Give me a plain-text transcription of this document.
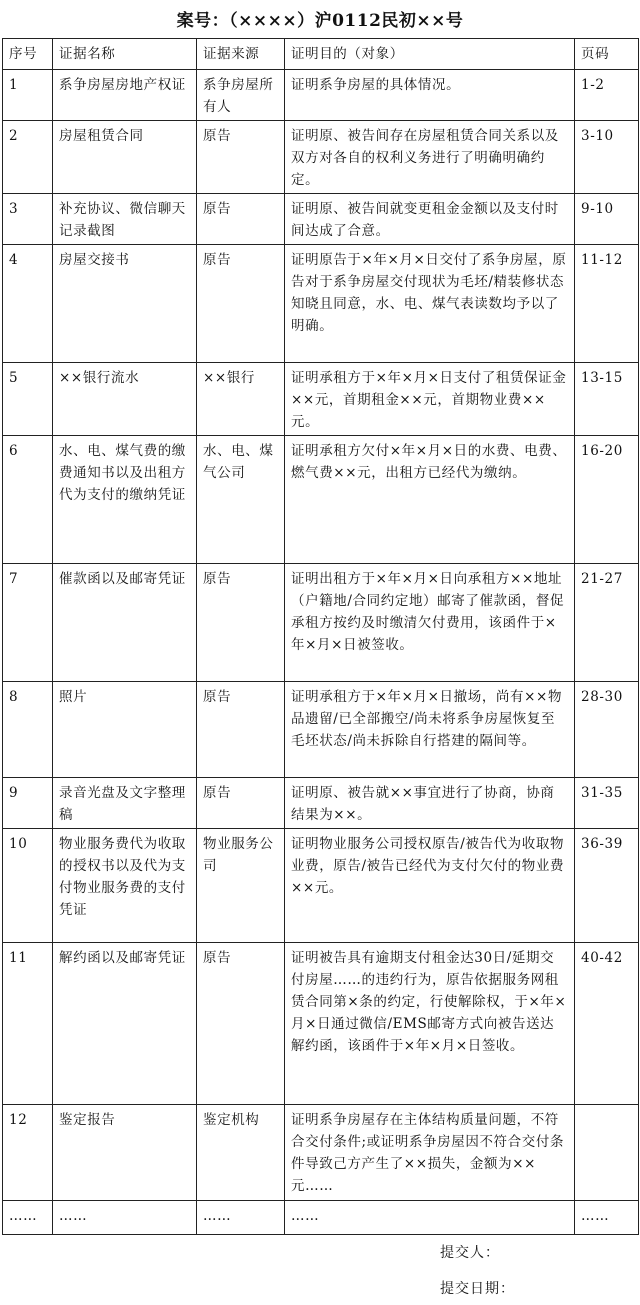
案号：（××××）沪0112民初××号
序号	证据名称	证据来源	证明目的（对象）	页码
1	系争房屋房地产权证	系争房屋所有人	证明系争房屋的具体情况。	1-2
2	房屋租赁合同	原告	证明原、被告间存在房屋租赁合同关系以及双方对各自的权利义务进行了明确明确约定。	3-10
3	补充协议、微信聊天记录截图	原告	证明原、被告间就变更租金金额以及支付时间达成了合意。	9-10
4	房屋交接书	原告	证明原告于×年×月×日交付了系争房屋，原告对于系争房屋交付现状为毛坯/精装修状态知晓且同意，水、电、煤气表读数均予以了明确。	11-12
5	××银行流水	××银行	证明承租方于×年×月×日支付了租赁保证金××元，首期租金××元，首期物业费××元。	13-15
6	水、电、煤气费的缴费通知书以及出租方代为支付的缴纳凭证	水、电、煤气公司	证明承租方欠付×年×月×日的水费、电费、燃气费××元，出租方已经代为缴纳。	16-20
7	催款函以及邮寄凭证	原告	证明出租方于×年×月×日向承租方××地址（户籍地/合同约定地）邮寄了催款函，督促承租方按约及时缴清欠付费用，该函件于×年×月×日被签收。	21-27
8	照片	原告	证明承租方于×年×月×日撤场，尚有××物品遗留/已全部搬空/尚未将系争房屋恢复至毛坯状态/尚未拆除自行搭建的隔间等。	28-30
9	录音光盘及文字整理稿	原告	证明原、被告就××事宜进行了协商，协商结果为××。	31-35
10	物业服务费代为收取的授权书以及代为支付物业服务费的支付凭证	物业服务公司	证明物业服务公司授权原告/被告代为收取物业费，原告/被告已经代为支付欠付的物业费××元。	36-39
11	解约函以及邮寄凭证	原告	证明被告具有逾期支付租金达30日/延期交付房屋……的违约行为，原告依据服务网租赁合同第×条的约定，行使解除权，于×年×月×日通过微信/EMS邮寄方式向被告送达解约函，该函件于×年×月×日签收。	40-42
12	鉴定报告	鉴定机构	证明系争房屋存在主体结构质量问题，不符合交付条件;或证明系争房屋因不符合交付条件导致己方产生了××损失，金额为××元……	
……	……	……	……	……
提交人：
提交日期：
